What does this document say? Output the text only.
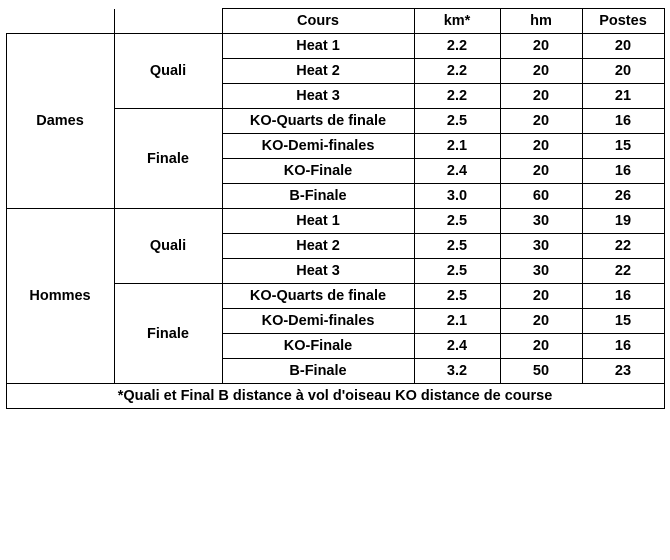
		Cours	km*	hm	Postes
Dames	Quali	Heat 1	2.2	20	20
		Heat 2	2.2	20	20
		Heat 3	2.2	20	21
	Finale	KO-Quarts de finale	2.5	20	16
		KO-Demi-finales	2.1	20	15
		KO-Finale	2.4	20	16
		B-Finale	3.0	60	26
Hommes	Quali	Heat 1	2.5	30	19
		Heat 2	2.5	30	22
		Heat 3	2.5	30	22
	Finale	KO-Quarts de finale	2.5	20	16
		KO-Demi-finales	2.1	20	15
		KO-Finale	2.4	20	16
		B-Finale	3.2	50	23
*Quali et Final B distance à vol d'oiseau KO distance de course					
